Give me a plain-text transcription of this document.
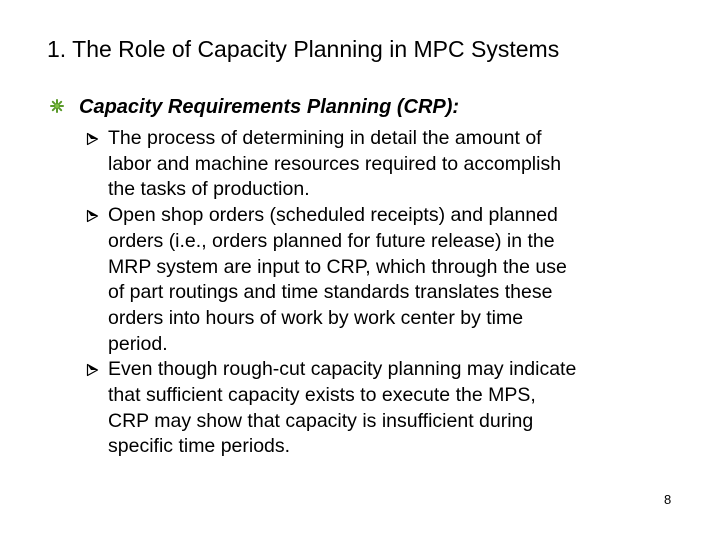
1. The Role of Capacity Planning in MPC Systems
Capacity Requirements Planning (CRP):
The process of determining in detail the amount of
labor and machine resources required to accomplish
the tasks of production.
Open shop orders (scheduled receipts) and planned
orders (i.e., orders planned for future release) in the
MRP system are input to CRP, which through the use
of part routings and time standards translates these
orders into hours of work by work center by time
period.
Even though rough-cut capacity planning may indicate
that sufficient capacity exists to execute the MPS,
CRP may show that capacity is insufficient during
specific time periods.
8
